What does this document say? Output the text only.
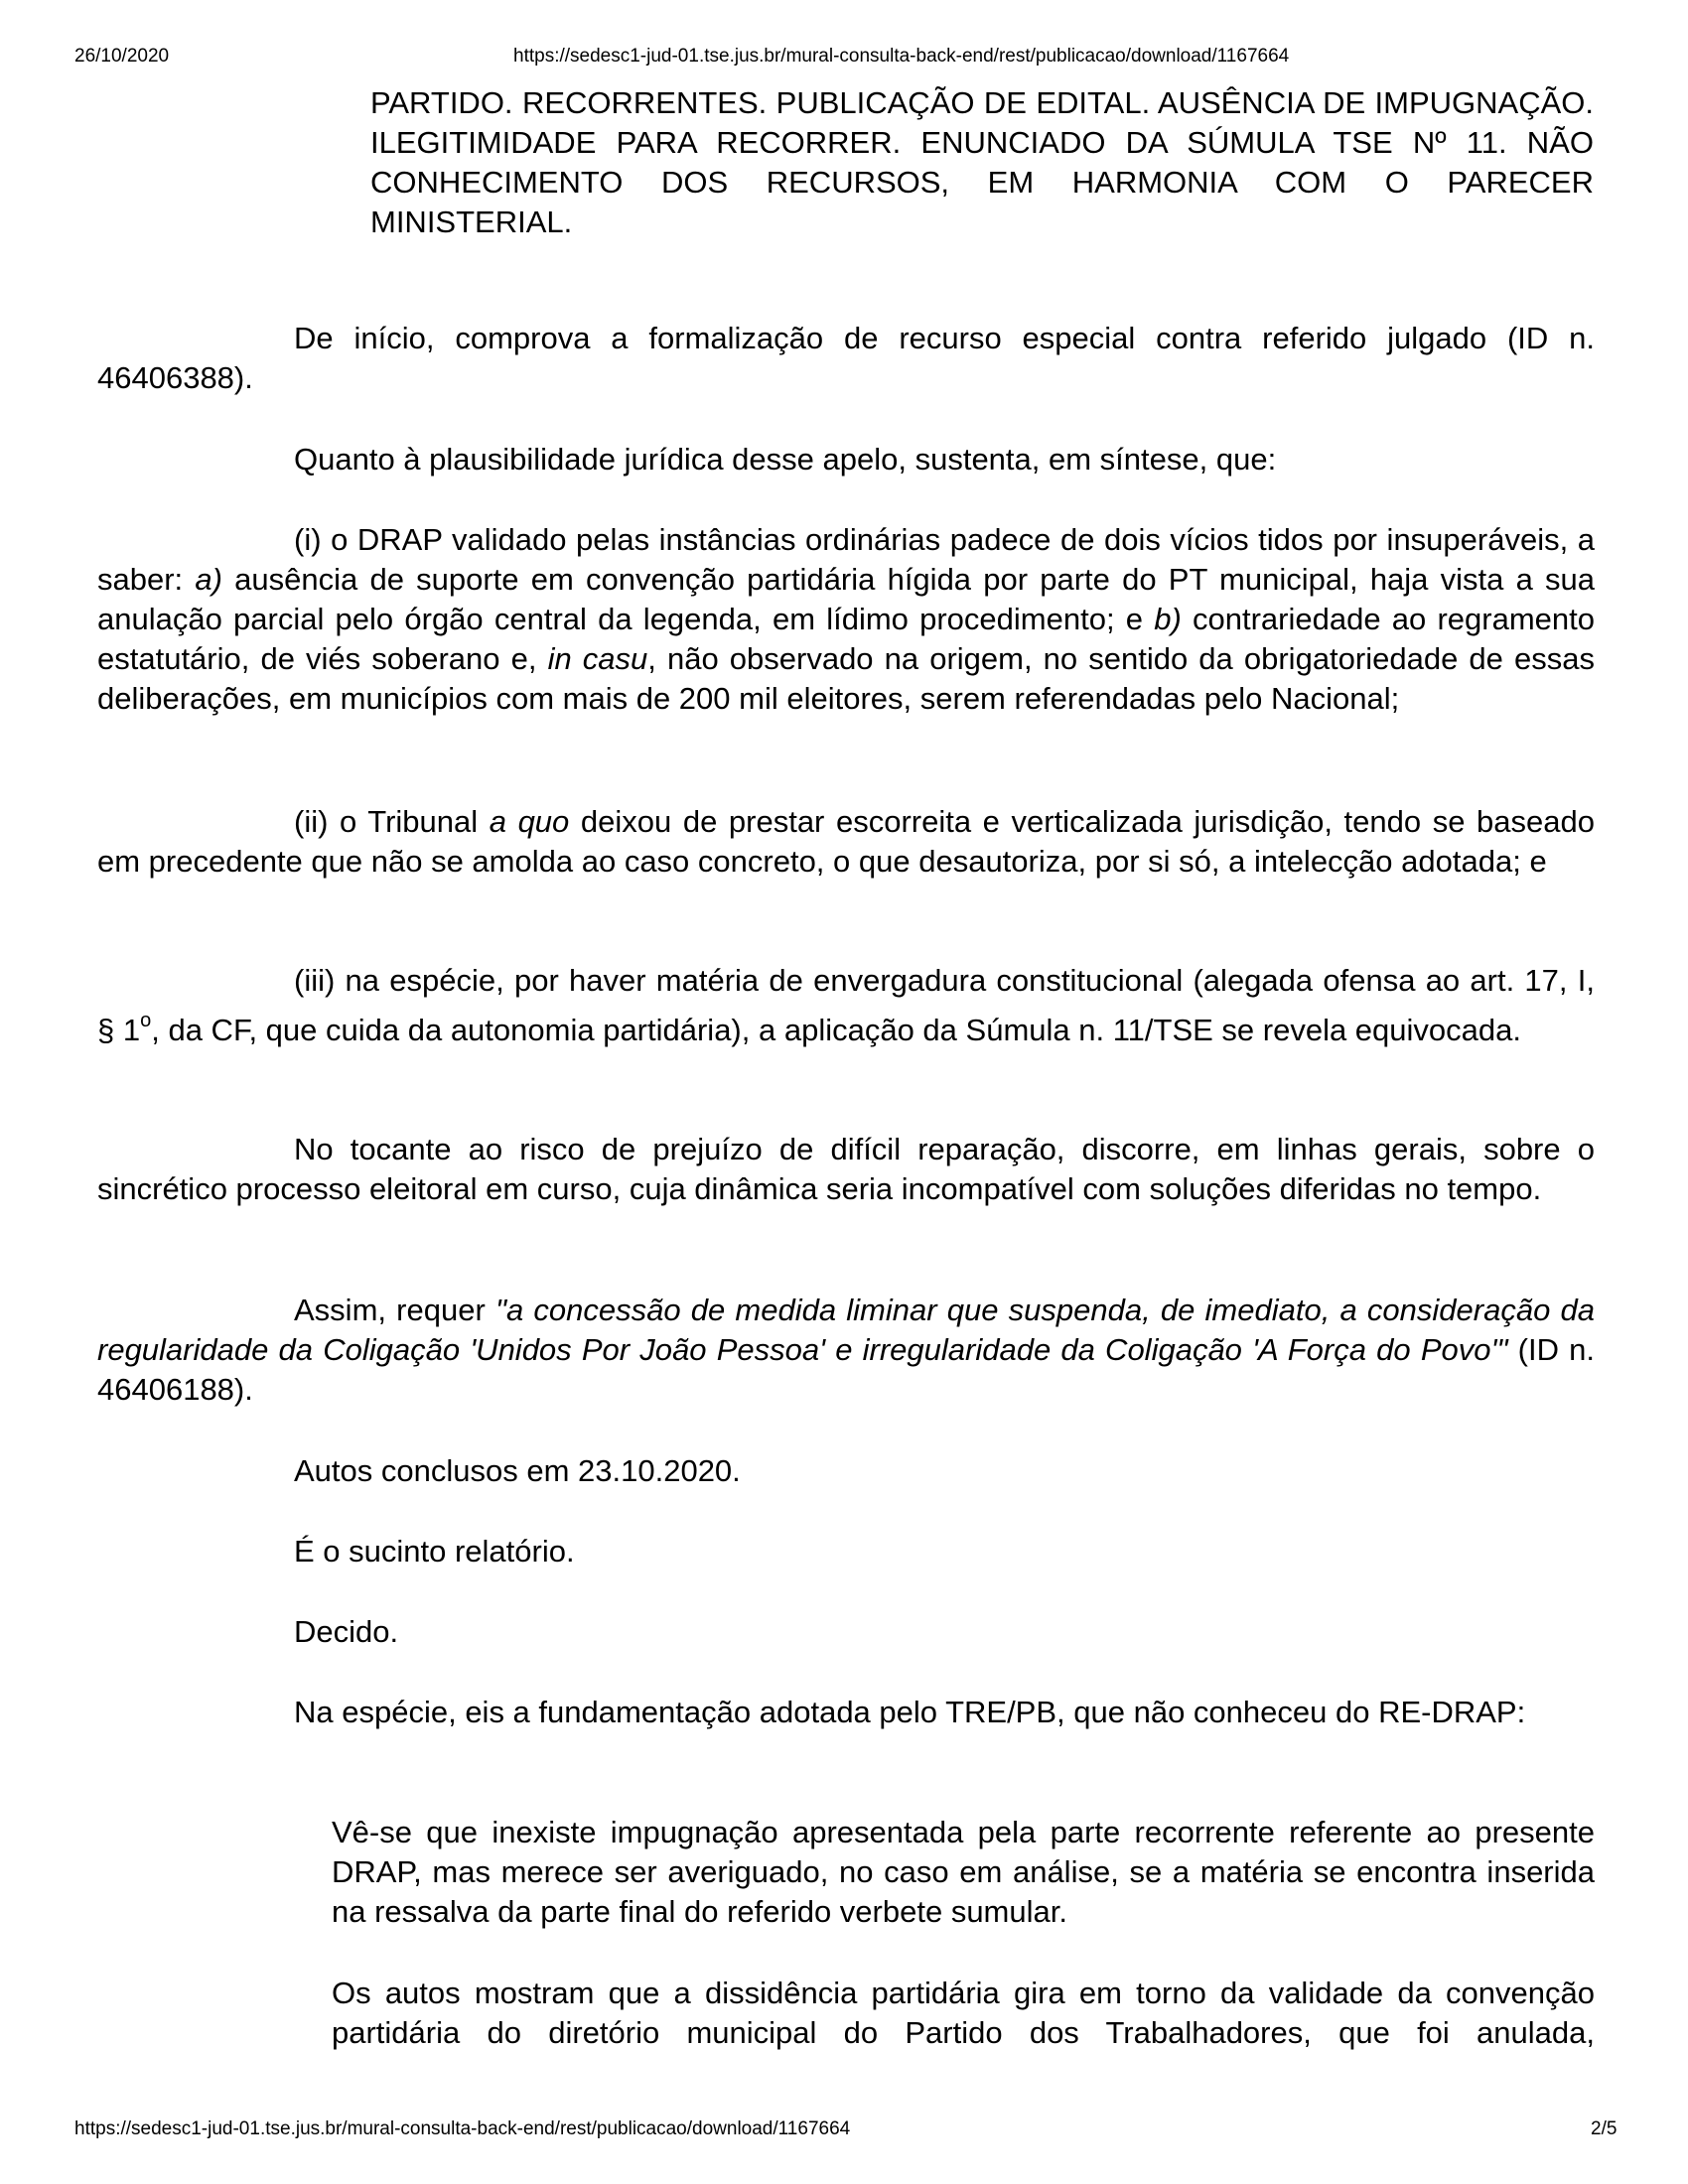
26/10/2020	https://sedesc1-jud-01.tse.jus.br/mural-consulta-back-end/rest/publicacao/download/1167664
PARTIDO. RECORRENTES. PUBLICAÇÃO DE EDITAL. AUSÊNCIA DE IMPUGNAÇÃO. ILEGITIMIDADE PARA RECORRER. ENUNCIADO DA SÚMULA TSE Nº 11. NÃO CONHECIMENTO DOS RECURSOS, EM HARMONIA COM O PARECER MINISTERIAL.
De início, comprova a formalização de recurso especial contra referido julgado (ID n. 46406388).
Quanto à plausibilidade jurídica desse apelo, sustenta, em síntese, que:
(i) o DRAP validado pelas instâncias ordinárias padece de dois vícios tidos por insuperáveis, a saber: a) ausência de suporte em convenção partidária hígida por parte do PT municipal, haja vista a sua anulação parcial pelo órgão central da legenda, em lídimo procedimento; e b) contrariedade ao regramento estatutário, de viés soberano e, in casu, não observado na origem, no sentido da obrigatoriedade de essas deliberações, em municípios com mais de 200 mil eleitores, serem referendadas pelo Nacional;
(ii) o Tribunal a quo deixou de prestar escorreita e verticalizada jurisdição, tendo se baseado em precedente que não se amolda ao caso concreto, o que desautoriza, por si só, a intelecção adotada; e
(iii) na espécie, por haver matéria de envergadura constitucional (alegada ofensa ao art. 17, I, § 1$^o$, da CF, que cuida da autonomia partidária), a aplicação da Súmula n. 11/TSE se revela equivocada.
No tocante ao risco de prejuízo de difícil reparação, discorre, em linhas gerais, sobre o sincrético processo eleitoral em curso, cuja dinâmica seria incompatível com soluções diferidas no tempo.
Assim, requer "a concessão de medida liminar que suspenda, de imediato, a consideração da regularidade da Coligação 'Unidos Por João Pessoa' e irregularidade da Coligação 'A Força do Povo'" (ID n. 46406188).
Autos conclusos em 23.10.2020.
É o sucinto relatório.
Decido.
Na espécie, eis a fundamentação adotada pelo TRE/PB, que não conheceu do RE-DRAP:
Vê-se que inexiste impugnação apresentada pela parte recorrente referente ao presente DRAP, mas merece ser averiguado, no caso em análise, se a matéria se encontra inserida na ressalva da parte final do referido verbete sumular.
Os autos mostram que a dissidência partidária gira em torno da validade da convenção partidária do diretório municipal do Partido dos Trabalhadores, que foi anulada,
https://sedesc1-jud-01.tse.jus.br/mural-consulta-back-end/rest/publicacao/download/1167664	2/5
